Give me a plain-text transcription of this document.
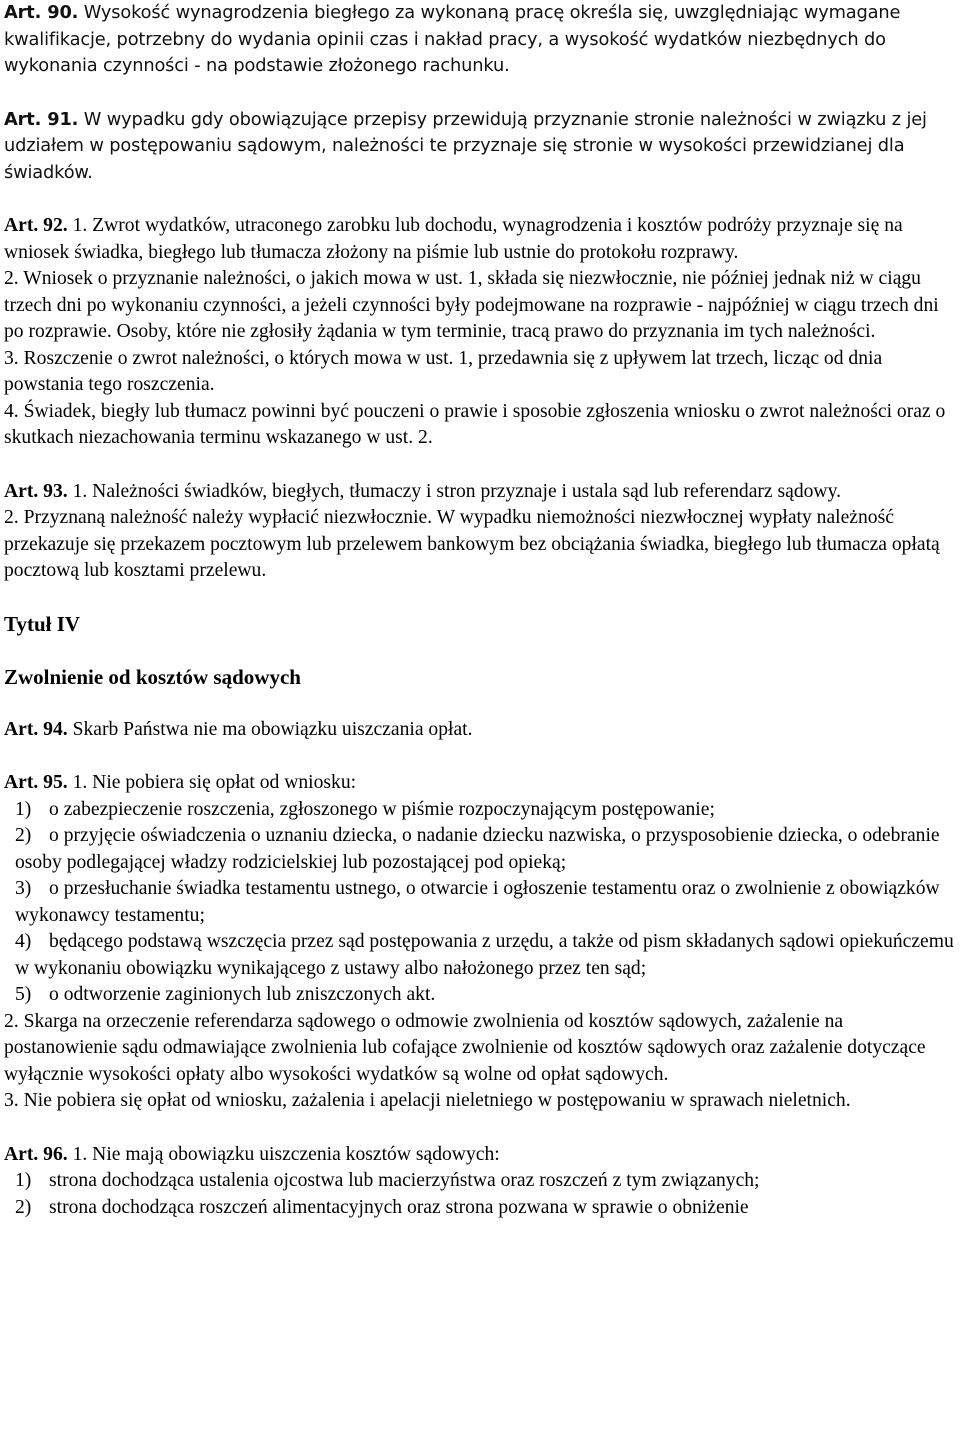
Art. 90. Wysokość wynagrodzenia biegłego za wykonaną pracę określa się, uwzględniając wymagane kwalifikacje, potrzebny do wydania opinii czas i nakład pracy, a wysokość wydatków niezbędnych do wykonania czynności - na podstawie złożonego rachunku.

Art. 91. W wypadku gdy obowiązujące przepisy przewidują przyznanie stronie należności w związku z jej udziałem w postępowaniu sądowym, należności te przyznaje się stronie w wysokości przewidzianej dla świadków.

Art. 92. 1. Zwrot wydatków, utraconego zarobku lub dochodu, wynagrodzenia i kosztów podróży przyznaje się na wniosek świadka, biegłego lub tłumacza złożony na piśmie lub ustnie do protokołu rozprawy.

2. Wniosek o przyznanie należności, o jakich mowa w ust. 1, składa się niezwłocznie, nie później jednak niż w ciągu trzech dni po wykonaniu czynności, a jeżeli czynności były podejmowane na rozprawie - najpóźniej w ciągu trzech dni po rozprawie. Osoby, które nie zgłosiły żądania w tym terminie, tracą prawo do przyznania im tych należności.

3. Roszczenie o zwrot należności, o których mowa w ust. 1, przedawnia się z upływem lat trzech, licząc od dnia powstania tego roszczenia.

4. Świadek, biegły lub tłumacz powinni być pouczeni o prawie i sposobie zgłoszenia wniosku o zwrot należności oraz o skutkach niezachowania terminu wskazanego w ust. 2.

Art. 93. 1. Należności świadków, biegłych, tłumaczy i stron przyznaje i ustala sąd lub referendarz sądowy.

2. Przyznaną należność należy wypłacić niezwłocznie. W wypadku niemożności niezwłocznej wypłaty należność przekazuje się przekazem pocztowym lub przelewem bankowym bez obciążania świadka, biegłego lub tłumacza opłatą pocztową lub kosztami przelewu.

Tytuł IV

Zwolnienie od kosztów sądowych

Art. 94. Skarb Państwa nie ma obowiązku uiszczania opłat.

Art. 95. 1. Nie pobiera się opłat od wniosku:

1) o zabezpieczenie roszczenia, zgłoszonego w piśmie rozpoczynającym postępowanie;

2) o przyjęcie oświadczenia o uznaniu dziecka, o nadanie dziecku nazwiska, o przysposobienie dziecka, o odebranie osoby podlegającej władzy rodzicielskiej lub pozostającej pod opieką;

3) o przesłuchanie świadka testamentu ustnego, o otwarcie i ogłoszenie testamentu oraz o zwolnienie z obowiązków wykonawcy testamentu;

4) będącego podstawą wszczęcia przez sąd postępowania z urzędu, a także od pism składanych sądowi opiekuńczemu w wykonaniu obowiązku wynikającego z ustawy albo nałożonego przez ten sąd;

5) o odtworzenie zaginionych lub zniszczonych akt.

2. Skarga na orzeczenie referendarza sądowego o odmowie zwolnienia od kosztów sądowych, zażalenie na postanowienie sądu odmawiające zwolnienia lub cofające zwolnienie od kosztów sądowych oraz zażalenie dotyczące wyłącznie wysokości opłaty albo wysokości wydatków są wolne od opłat sądowych.

3. Nie pobiera się opłat od wniosku, zażalenia i apelacji nieletniego w postępowaniu w sprawach nieletnich.

Art. 96. 1. Nie mają obowiązku uiszczenia kosztów sądowych:

1) strona dochodząca ustalenia ojcostwa lub macierzyństwa oraz roszczeń z tym związanych;

2) strona dochodząca roszczeń alimentacyjnych oraz strona pozwana w sprawie o obniżenie
